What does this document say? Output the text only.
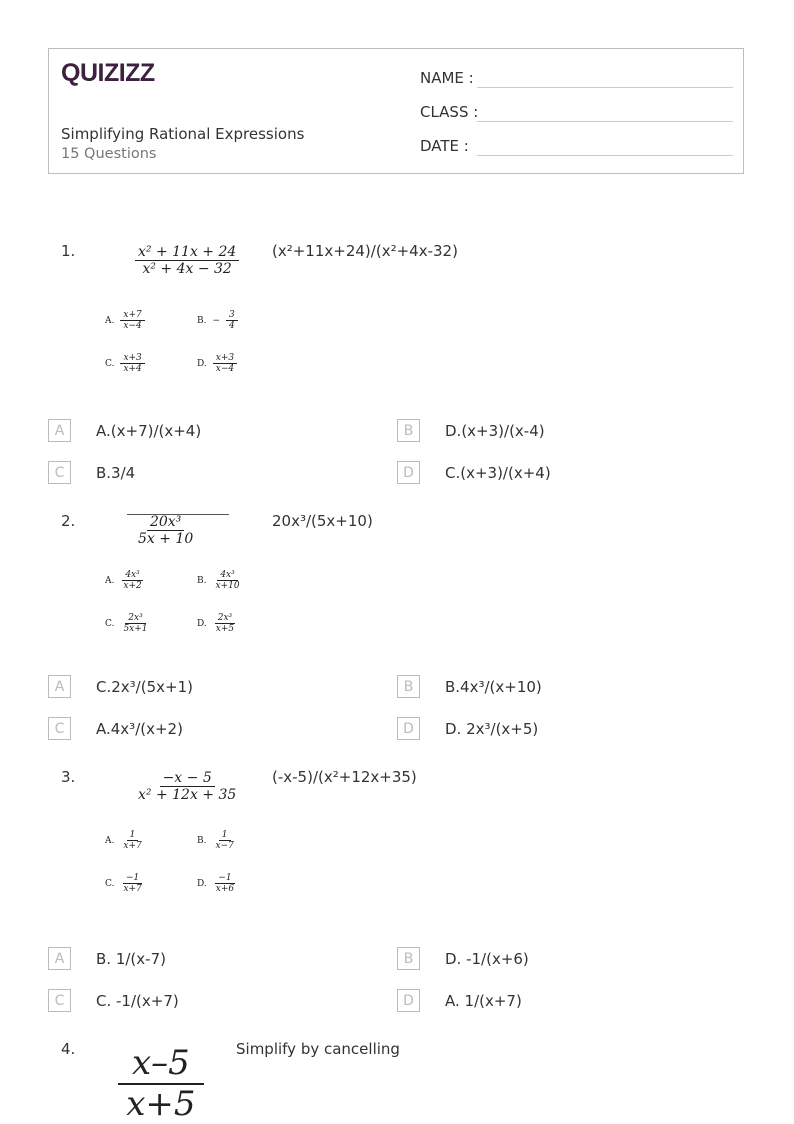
QUIZIZZ
Simplifying Rational Expressions
15 Questions
NAME :
CLASS :
DATE :
1.	$\frac{\text{x² + 11x + 24}}{\text{x² + 4x − 32}} (x^2+11x+24)/(x^2+4x-32)$
A. $\frac{x+7}{x-4}$	B. − $\frac{3}{4}$
C. $\frac{x+3}{x+4}$	D. $\frac{x+3}{x-4}$
A	A.(x+7)/(x+4)	B	D.(x+3)/(x-4)
C	B.3/4	D	C.(x+3)/(x+4)
2.	$\frac{\text{20x³}}{5x + 10}$	20x³/(5x+10)
A. $\frac{\text{4x³}}{x+2}$	B. $\frac{\text{4x³}}{x+10}$
C. $\frac{\text{2x³}}{5x+1}$	D. $\frac{\text{2x³}}{x+5}$
A	C.2x³/(5x+1)	B	B.4x³/(x+10)
C	A.4x³/(x+2)	D	D. 2x³/(x+5)
3.	$\frac{-x - 5}{\text{x² + 12x + 35}} (-x-5)/(x^2+12x+35)$
A. $\frac{1}{x+7}$	B. $\frac{1}{x-7}$
C. $\frac{-1}{x+7}$	D. $\frac{-1}{x+6}$
A	B. 1/(x-7)	B	D. -1/(x+6)
C	C. -1/(x+7)	D	A. 1/(x+7)
4. $\frac{x-5}{x+5}$ Simplify by cancelling
